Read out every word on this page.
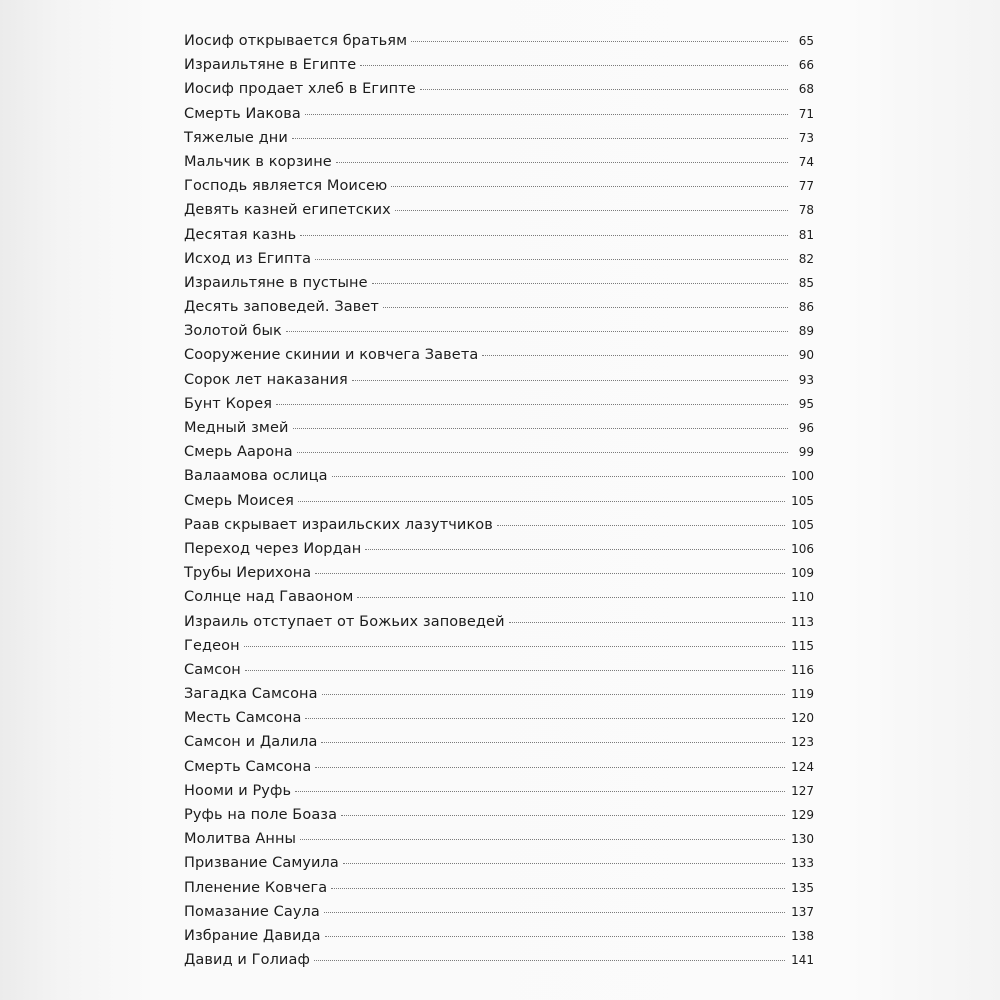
Иосиф открывается братьям	65
Израильтяне в Египте	66
Иосиф продает хлеб в Египте	68
Смерть Иакова	71
Тяжелые дни	73
Мальчик в корзине	74
Господь является Моисею	77
Девять казней египетских	78
Десятая казнь	81
Исход из Египта	82
Израильтяне в пустыне	85
Десять заповедей. Завет	86
Золотой бык	89
Сооружение скинии и ковчега Завета	90
Сорок лет наказания	93
Бунт Корея	95
Медный змей	96
Смерь Аарона	99
Валаамова ослица	100
Смерь Моисея	105
Раав скрывает израильских лазутчиков	105
Переход через Иордан	106
Трубы Иерихона	109
Солнце над Гаваоном	110
Израиль отступает от Божьих заповедей	113
Гедеон	115
Самсон	116
Загадка Самсона	119
Месть Самсона	120
Самсон и Далила	123
Смерть Самсона	124
Нооми и Руфь	127
Руфь на поле Боаза	129
Молитва Анны	130
Призвание Самуила	133
Пленение Ковчега	135
Помазание Саула	137
Избрание Давида	138
Давид и Голиаф	141
